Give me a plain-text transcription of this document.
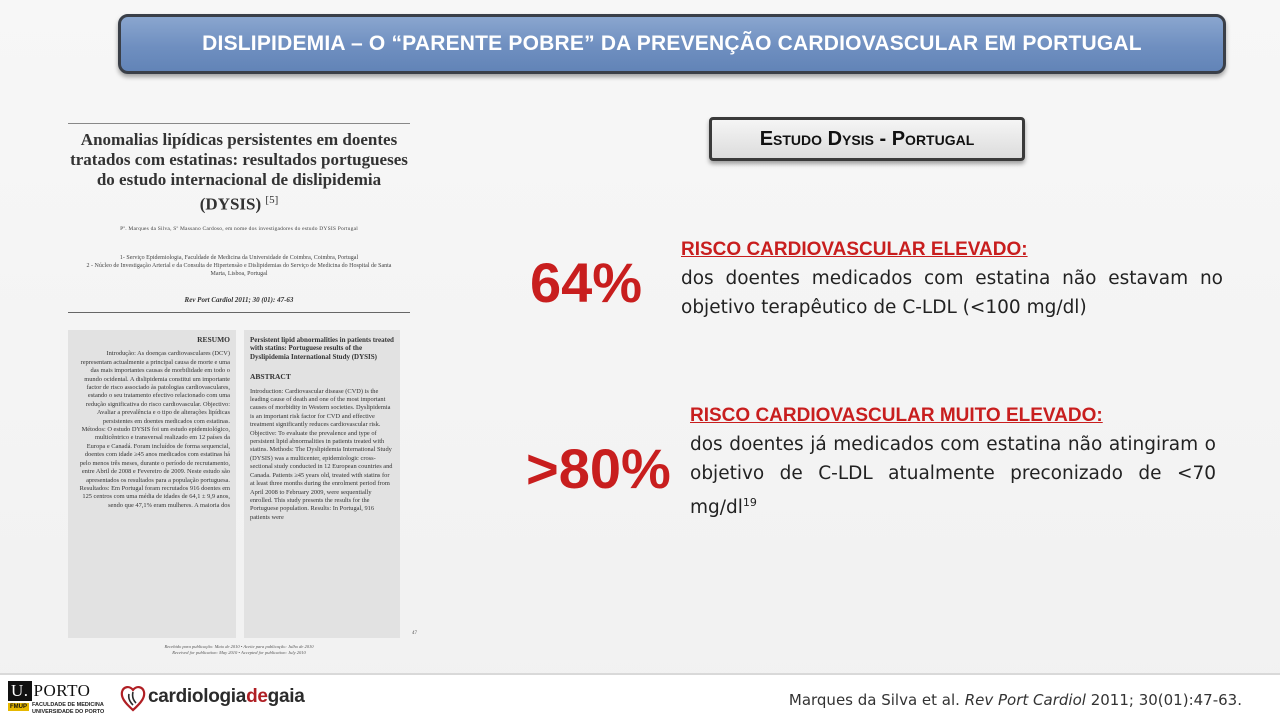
DISLIPIDEMIA – O “PARENTE POBRE” DA PREVENÇÃO CARDIOVASCULAR EM PORTUGAL
Anomalias lipídicas persistentes em doentes tratados com estatinas: resultados portugueses do estudo internacional de dislipidemia (DYSIS) [5]
Pº. Marques da Silva, Sº Massano Cardoso, em nome dos investigadores do estudo DYSIS Portugal
1- Serviço Epidemiologia, Faculdade de Medicina da Universidade de Coimbra, Coimbra, Portugal
2 - Núcleo de Investigação Arterial e da Consulta de Hipertensão e Dislipidemias do Serviço de Medicina do Hospital de Santa Marta, Lisboa, Portugal
Rev Port Cardiol 2011; 30 (01): 47-63
RESUMO

Introdução: As doenças cardiovasculares (DCV) representam actualmente a principal causa de morte e uma das mais importantes causas de morbilidade em todo o mundo ocidental. A dislipidemia constitui um importante factor de risco associado às patologias cardiovasculares, estando o seu tratamento efectivo relacionado com uma redução significativa do risco cardiovascular. Objectivo: Avaliar a prevalência e o tipo de alterações lipídicas persistentes em doentes medicados com estatinas. Métodos: O estudo DYSIS foi um estudo epidemiológico, multicêntrico e transversal realizado em 12 países da Europa e Canadá. Foram incluídos de forma sequencial, doentes com idade ≥45 anos medicados com estatinas há pelo menos três meses, durante o período de recrutamento, entre Abril de 2008 e Fevereiro de 2009. Neste estudo são apresentados os resultados para a população portuguesa. Resultados: Em Portugal foram recrutados 916 doentes em 125 centros com uma média de idades de 64,1 ± 9,9 anos, sendo que 47,1% eram mulheres. A maioria dos

Persistent lipid abnormalities in patients treated with statins: Portuguese results of the Dyslipidemia International Study (DYSIS)
ABSTRACT

Introduction: Cardiovascular disease (CVD) is the leading cause of death and one of the most important causes of morbidity in Western societies. Dyslipidemia is an important risk factor for CVD and effective treatment significantly reduces cardiovascular risk. Objective: To evaluate the prevalence and type of persistent lipid abnormalities in patients treated with statins. Methods: The Dyslipidemia International Study (DYSIS) was a multicenter, epidemiologic cross-sectional study conducted in 12 European countries and Canada. Patients ≥45 years old, treated with statins for at least three months during the enrolment period from April 2008 to February 2009, were sequentially enrolled. This study presents the results for the Portuguese population. Results: In Portugal, 916 patients were

47
Recebido para publicação: Maio de 2010 • Aceite para publicação: Julho de 2010
Received for publication: May 2010 • Accepted for publication: July 2010
Estudo Dysis - Portugal
64%
RISCO CARDIOVASCULAR ELEVADO:
dos doentes medicados com estatina não estavam no objetivo terapêutico de C-LDL (<100 mg/dl)
>80%
RISCO CARDIOVASCULAR MUITO ELEVADO:
dos doentes já medicados com estatina não atingiram o objetivo de C-LDL atualmente preconizado de <70 $mg/dl^{19}$
U. PORTO
FMUP FACULDADE DE MEDICINA
UNIVERSIDADE DO PORTO
cardiologiadegaia	Marques da Silva et al. Rev Port Cardiol 2011; 30(01):47-63.
